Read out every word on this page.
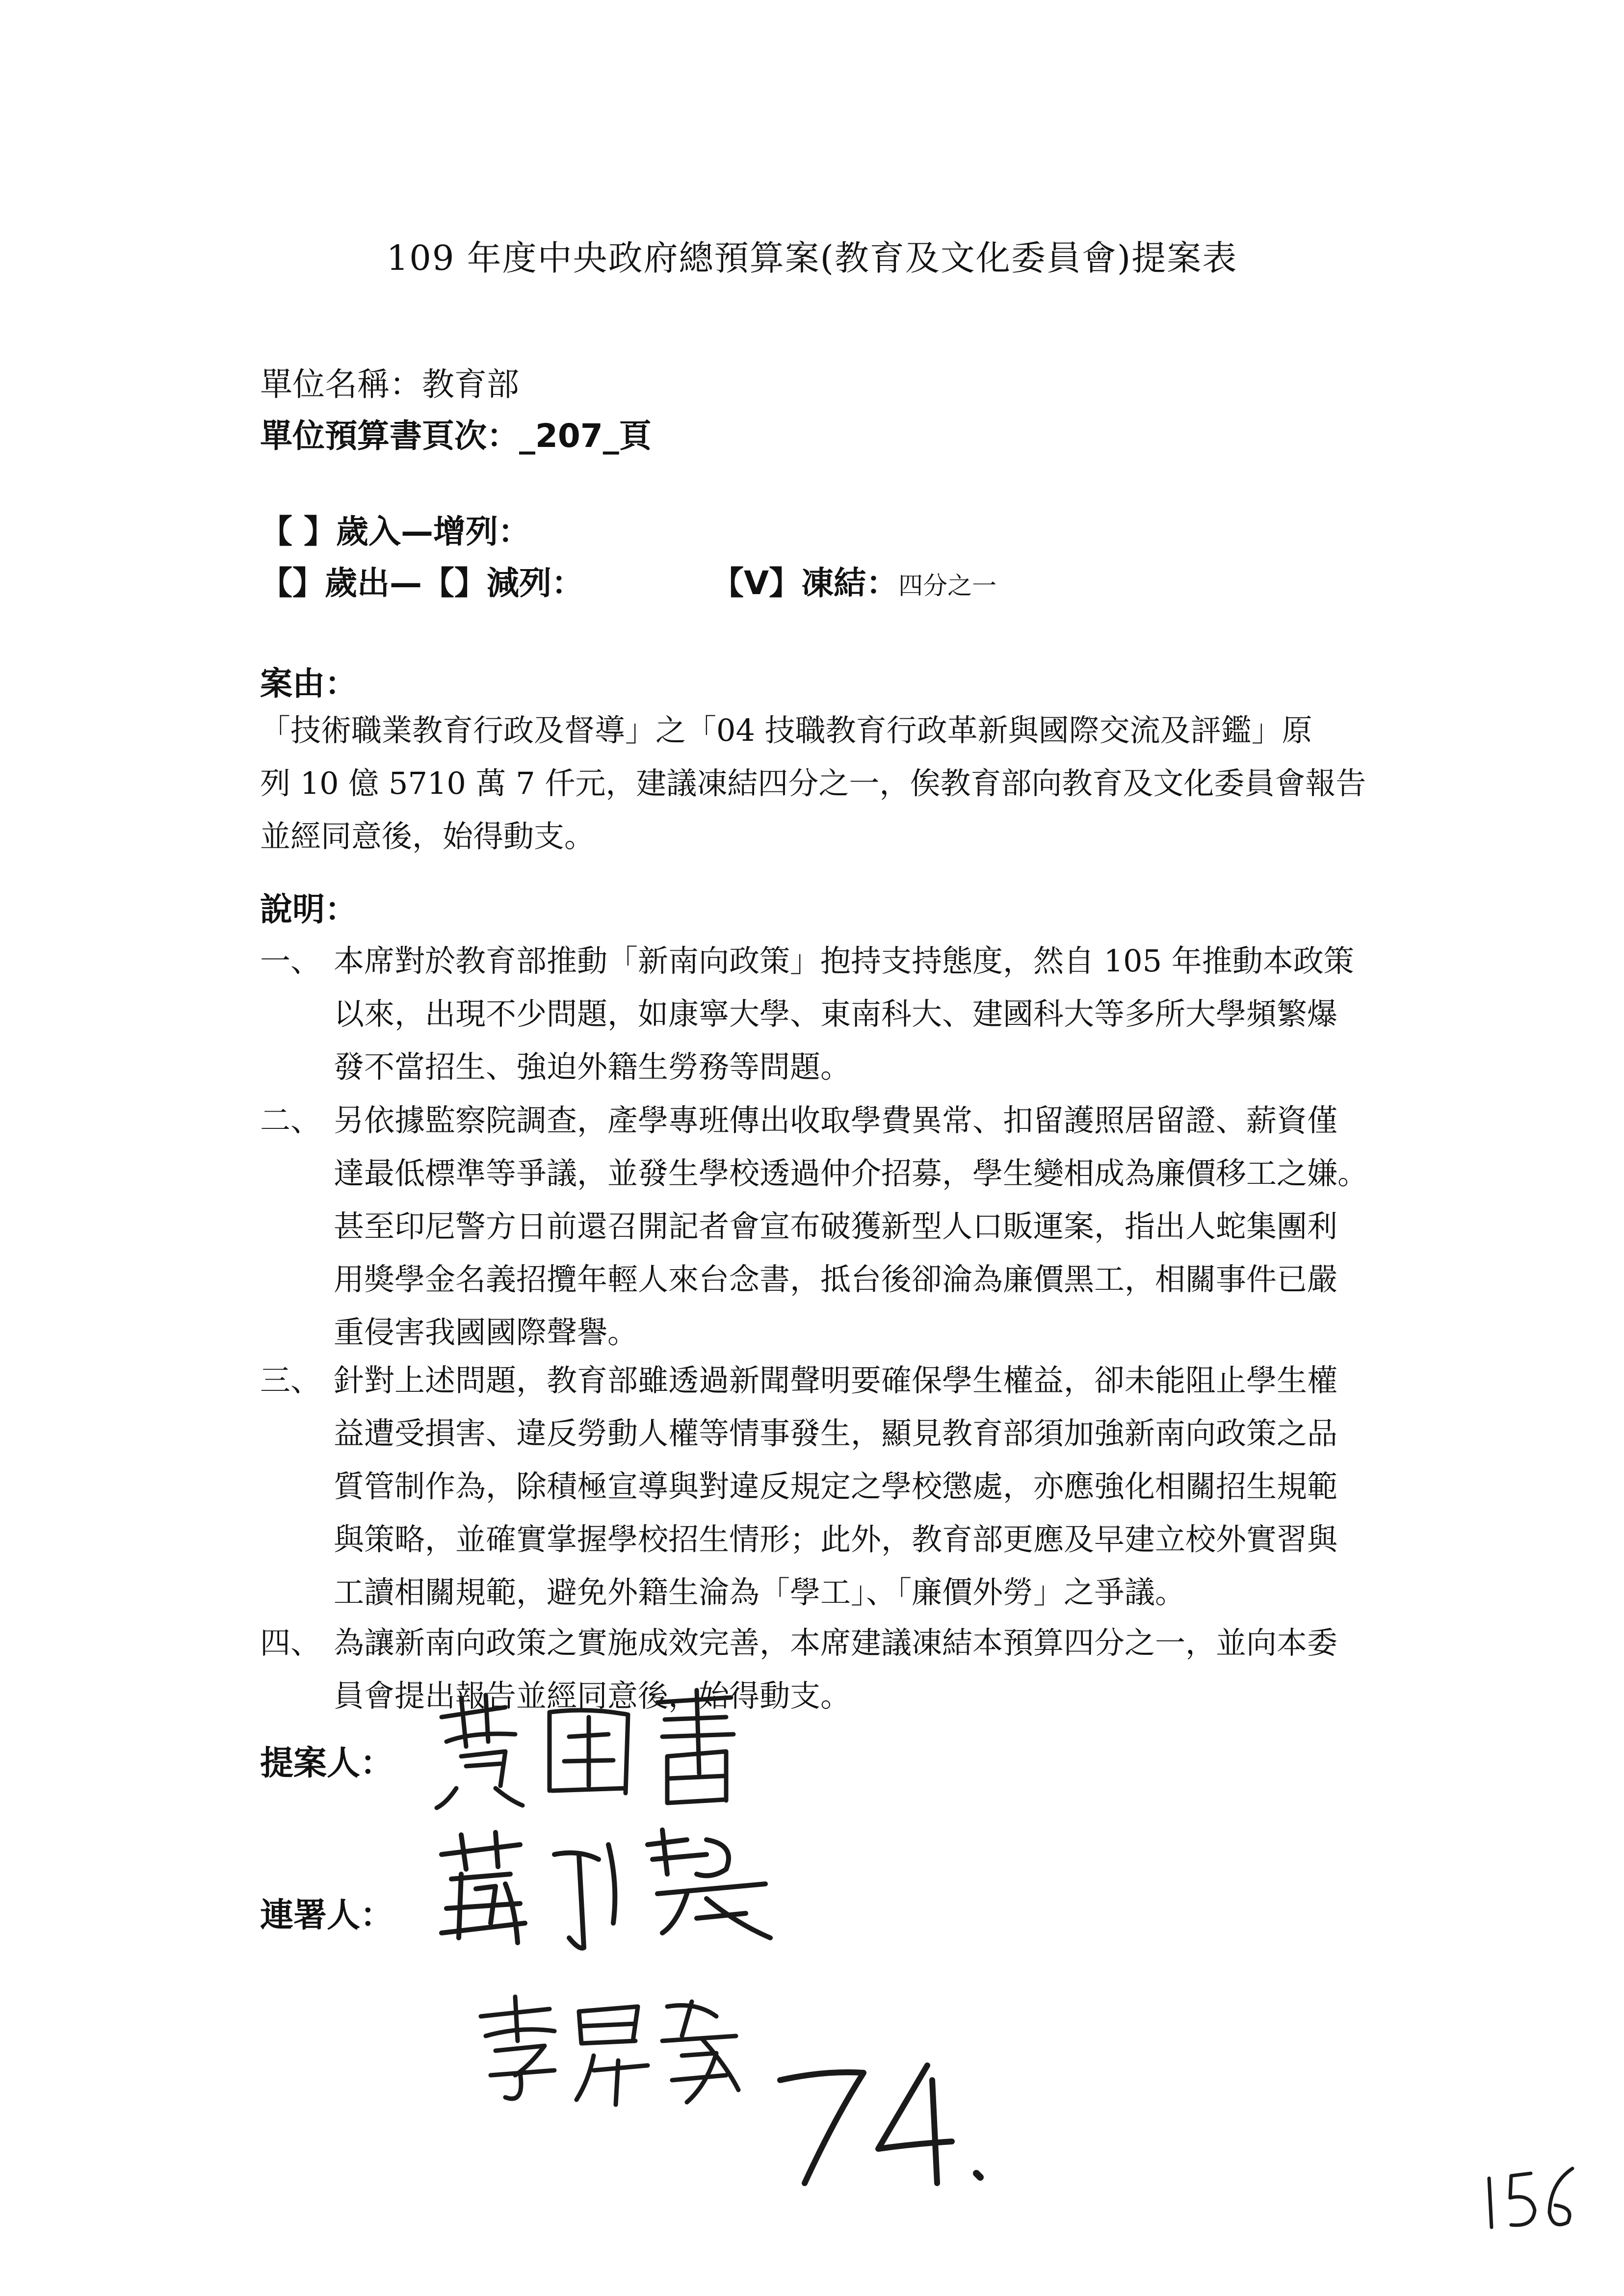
109 年度中央政府總預算案(教育及文化委員會)提案表
單位名稱：教育部
單位預算書頁次：_207_頁
【 】歲入—增列：
【】歲出—【】減列：	【V】凍結：四分之一
案由：
「技術職業教育行政及督導」之「04 技職教育行政革新與國際交流及評鑑」原
列 10 億 5710 萬 7 仟元，建議凍結四分之一，俟教育部向教育及文化委員會報告
並經同意後，始得動支。
說明：
一、 本席對於教育部推動「新南向政策」抱持支持態度，然自 105 年推動本政策
以來，出現不少問題，如康寧大學、東南科大、建國科大等多所大學頻繁爆
發不當招生、強迫外籍生勞務等問題。
二、 另依據監察院調查，產學專班傳出收取學費異常、扣留護照居留證、薪資僅
達最低標準等爭議，並發生學校透過仲介招募，學生變相成為廉價移工之嫌。
甚至印尼警方日前還召開記者會宣布破獲新型人口販運案，指出人蛇集團利
用獎學金名義招攬年輕人來台念書，抵台後卻淪為廉價黑工，相關事件已嚴
重侵害我國國際聲譽。
三、 針對上述問題，教育部雖透過新聞聲明要確保學生權益，卻未能阻止學生權
益遭受損害、違反勞動人權等情事發生，顯見教育部須加強新南向政策之品
質管制作為，除積極宣導與對違反規定之學校懲處，亦應強化相關招生規範
與策略，並確實掌握學校招生情形；此外，教育部更應及早建立校外實習與
工讀相關規範，避免外籍生淪為「學工」、「廉價外勞」之爭議。
四、 為讓新南向政策之實施成效完善，本席建議凍結本預算四分之一，並向本委
員會提出報告並經同意後，始得動支。
提案人：
連署人：
